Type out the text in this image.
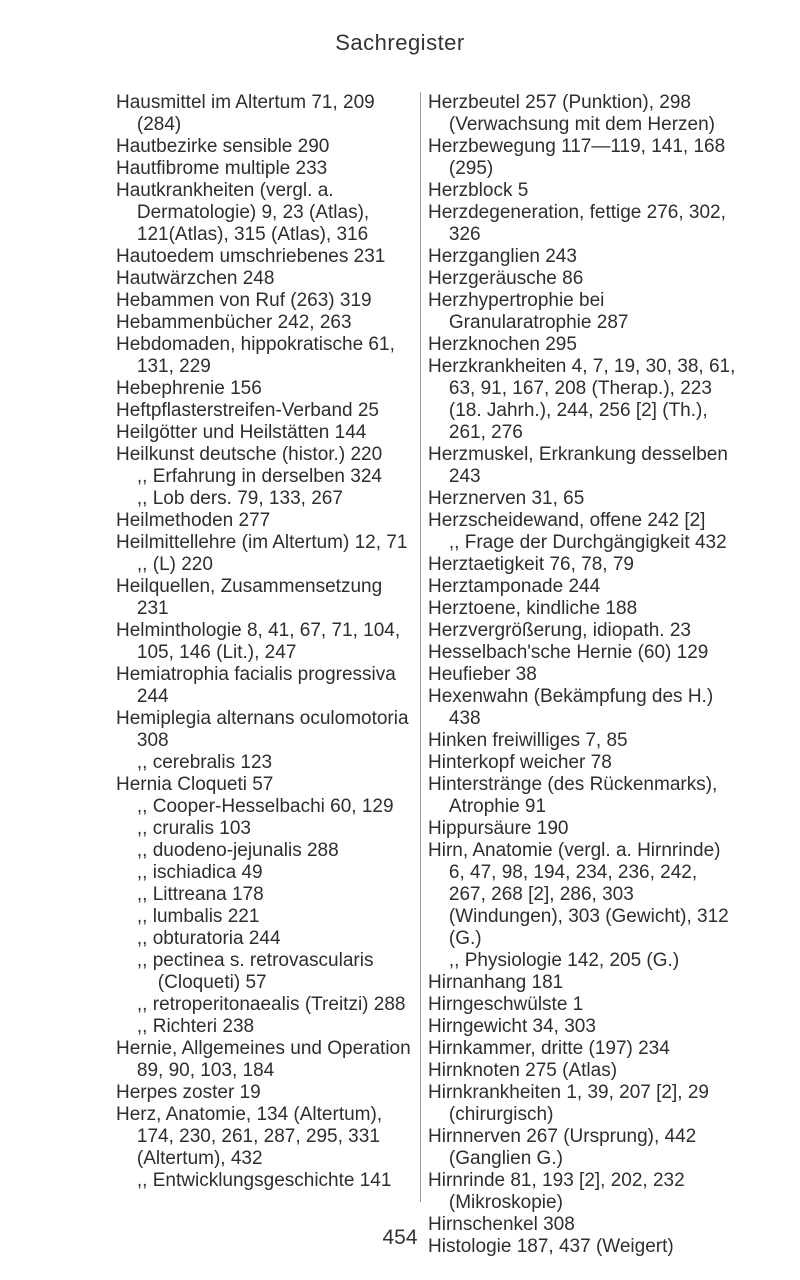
Sachregister
Hausmittel im Altertum 71, 209 (284)
Hautbezirke sensible 290
Hautfibrome multiple 233
Hautkrankheiten (vergl. a. Dermatologie) 9, 23 (Atlas), 121(Atlas), 315 (Atlas), 316
Hautoedem umschriebenes 231
Hautwärzchen 248
Hebammen von Ruf (263) 319
Hebammenbücher 242, 263
Hebdomaden, hippokratische 61, 131, 229
Hebephrenie 156
Heftpflasterstreifen-Verband 25
Heilgötter und Heilstätten 144
Heilkunst deutsche (histor.) 220
,, Erfahrung in derselben 324
,, Lob ders. 79, 133, 267
Heilmethoden 277
Heilmittellehre (im Altertum) 12, 71
,, (L) 220
Heilquellen, Zusammensetzung 231
Helminthologie 8, 41, 67, 71, 104, 105, 146 (Lit.), 247
Hemiatrophia facialis progressiva 244
Hemiplegia alternans oculomotoria 308
,, cerebralis 123
Hernia Cloqueti 57
,, Cooper-Hesselbachi 60, 129
,, cruralis 103
,, duodeno-jejunalis 288
,, ischiadica 49
,, Littreana 178
,, lumbalis 221
,, obturatoria 244
,, pectinea s. retrovascularis (Cloqueti) 57
,, retroperitonaealis (Treitzi) 288
,, Richteri 238
Hernie, Allgemeines und Operation 89, 90, 103, 184
Herpes zoster 19
Herz, Anatomie, 134 (Altertum), 174, 230, 261, 287, 295, 331 (Altertum), 432
,, Entwicklungsgeschichte 141
Herzbeutel 257 (Punktion), 298 (Verwachsung mit dem Herzen)
Herzbewegung 117—119, 141, 168 (295)
Herzblock 5
Herzdegeneration, fettige 276, 302, 326
Herzganglien 243
Herzgeräusche 86
Herzhypertrophie bei Granularatrophie 287
Herzknochen 295
Herzkrankheiten 4, 7, 19, 30, 38, 61, 63, 91, 167, 208 (Therap.), 223 (18. Jahrh.), 244, 256 [2] (Th.), 261, 276
Herzmuskel, Erkrankung desselben 243
Herznerven 31, 65
Herzscheidewand, offene 242 [2]
,, Frage der Durchgängigkeit 432
Herztaetigkeit 76, 78, 79
Herztamponade 244
Herztoene, kindliche 188
Herzvergrößerung, idiopath. 23
Hesselbach'sche Hernie (60) 129
Heufieber 38
Hexenwahn (Bekämpfung des H.) 438
Hinken freiwilliges 7, 85
Hinterkopf weicher 78
Hinterstränge (des Rückenmarks), Atrophie 91
Hippursäure 190
Hirn, Anatomie (vergl. a. Hirnrinde) 6, 47, 98, 194, 234, 236, 242, 267, 268 [2], 286, 303 (Windungen), 303 (Gewicht), 312 (G.)
,, Physiologie 142, 205 (G.)
Hirnanhang 181
Hirngeschwülste 1
Hirngewicht 34, 303
Hirnkammer, dritte (197) 234
Hirnknoten 275 (Atlas)
Hirnkrankheiten 1, 39, 207 [2], 29 (chirurgisch)
Hirnnerven 267 (Ursprung), 442 (Ganglien G.)
Hirnrinde 81, 193 [2], 202, 232 (Mikroskopie)
Hirnschenkel 308
Histologie 187, 437 (Weigert)
454
